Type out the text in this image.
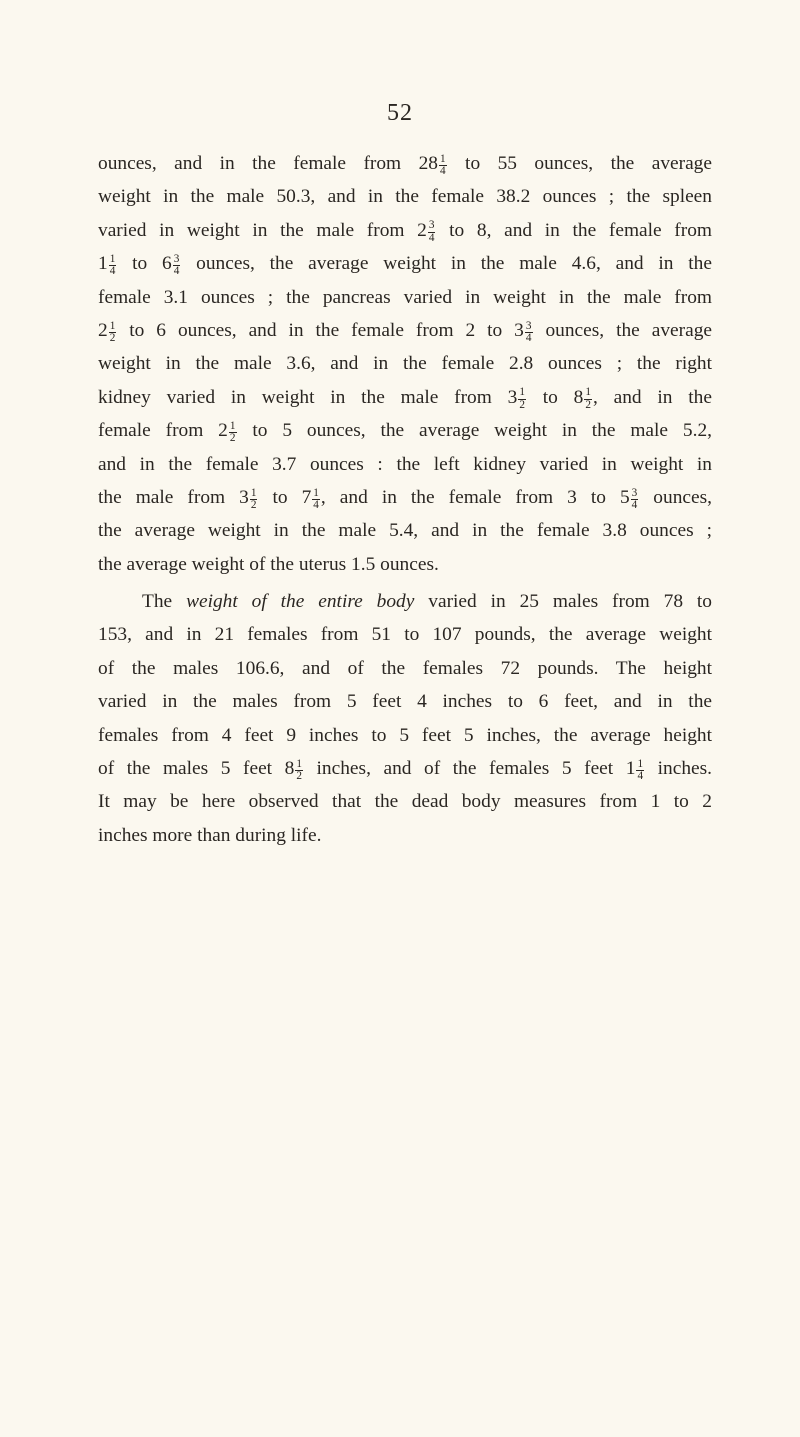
52
ounces, and in the female from $28 \frac{1}{4}$ to 55 ounces, the average
weight in the male 50.3, and in the female 38.2 ounces ; the spleen
varied in weight in the male from $2 \frac{3}{4}$ to 8, and in the female from
$1 \frac{1}{4}$ to $6 \frac{3}{4}$ ounces, the average weight in the male 4.6, and in the
female 3.1 ounces ; the pancreas varied in weight in the male from
$2 \frac{1}{2}$ to 6 ounces, and in the female from 2 to $3 \frac{3}{4}$ ounces, the average
weight in the male 3.6, and in the female 2.8 ounces ; the right
kidney varied in weight in the male from $3 \frac{1}{2}$ to $8 \frac{1}{2}$ , and in the
female from $2 \frac{1}{2}$ to 5 ounces, the average weight in the male 5.2,
and in the female 3.7 ounces : the left kidney varied in weight in
the male from $3 \frac{1}{2}$ to $7 \frac{1}{4}$ , and in the female from 3 to $5 \frac{3}{4}$ ounces,
the average weight in the male 5.4, and in the female 3.8 ounces ;
the average weight of the uterus 1.5 ounces.
The weight of the entire body varied in 25 males from 78 to
153, and in 21 females from 51 to 107 pounds, the average weight
of the males 106.6, and of the females 72 pounds. The height
varied in the males from 5 feet 4 inches to 6 feet, and in the
females from 4 feet 9 inches to 5 feet 5 inches, the average height
of the males 5 feet $8 \frac{1}{2}$ inches, and of the females 5 feet $1 \frac{1}{4}$ inches.
It may be here observed that the dead body measures from 1 to 2
inches more than during life.
